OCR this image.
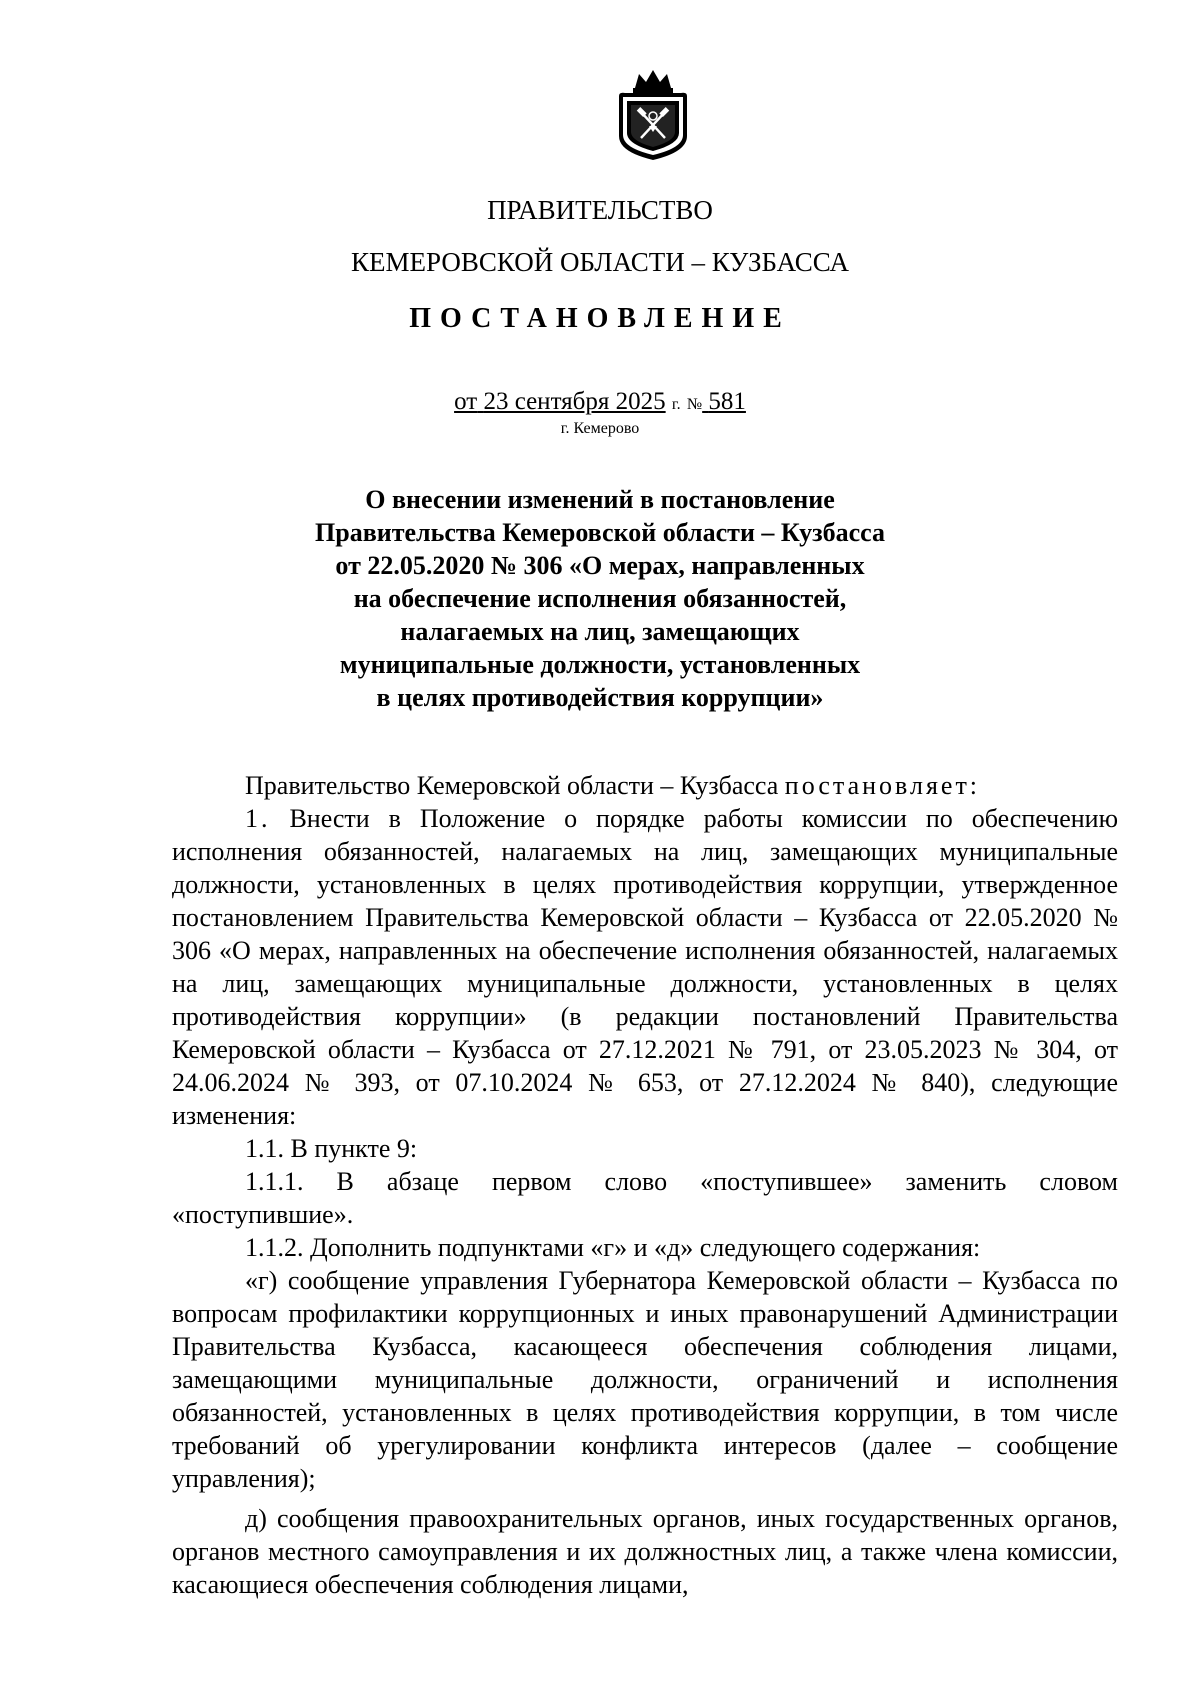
ПРАВИТЕЛЬСТВО
КЕМЕРОВСКОЙ ОБЛАСТИ – КУЗБАССА
ПОСТАНОВЛЕНИЕ
от 23 сентября 2025 г. № 581
г. Кемерово
О внесении изменений в постановление
Правительства Кемеровской области – Кузбасса
от 22.05.2020 № 306 «О мерах, направленных
на обеспечение исполнения обязанностей,
налагаемых на лиц, замещающих
муниципальные должности, установленных
в целях противодействия коррупции»

Правительство Кемеровской области – Кузбасса постановляет:

1. Внести в Положение о порядке работы комиссии по обеспечению исполнения обязанностей, налагаемых на лиц, замещающих муниципальные должности, установленных в целях противодействия коррупции, утвержденное постановлением Правительства Кемеровской области – Кузбасса от 22.05.2020 № 306 «О мерах, направленных на обеспечение исполнения обязанностей, налагаемых на лиц, замещающих муниципальные должности, установленных в целях противодействия коррупции» (в редакции постановлений Правительства Кемеровской области – Кузбасса от 27.12.2021 № 791, от 23.05.2023 № 304, от 24.06.2024 № 393, от 07.10.2024 № 653, от 27.12.2024 № 840), следующие изменения:

1.1. В пункте 9:

1.1.1. В абзаце первом слово «поступившее» заменить словом «поступившие».

1.1.2. Дополнить подпунктами «г» и «д» следующего содержания:

«г) сообщение управления Губернатора Кемеровской области – Кузбасса по вопросам профилактики коррупционных и иных правонарушений Администрации Правительства Кузбасса, касающееся обеспечения соблюдения лицами, замещающими муниципальные должности, ограничений и исполнения обязанностей, установленных в целях противодействия коррупции, в том числе требований об урегулировании конфликта интересов (далее – сообщение управления);

д) сообщения правоохранительных органов, иных государственных органов, органов местного самоуправления и их должностных лиц, а также члена комиссии, касающиеся обеспечения соблюдения лицами,
